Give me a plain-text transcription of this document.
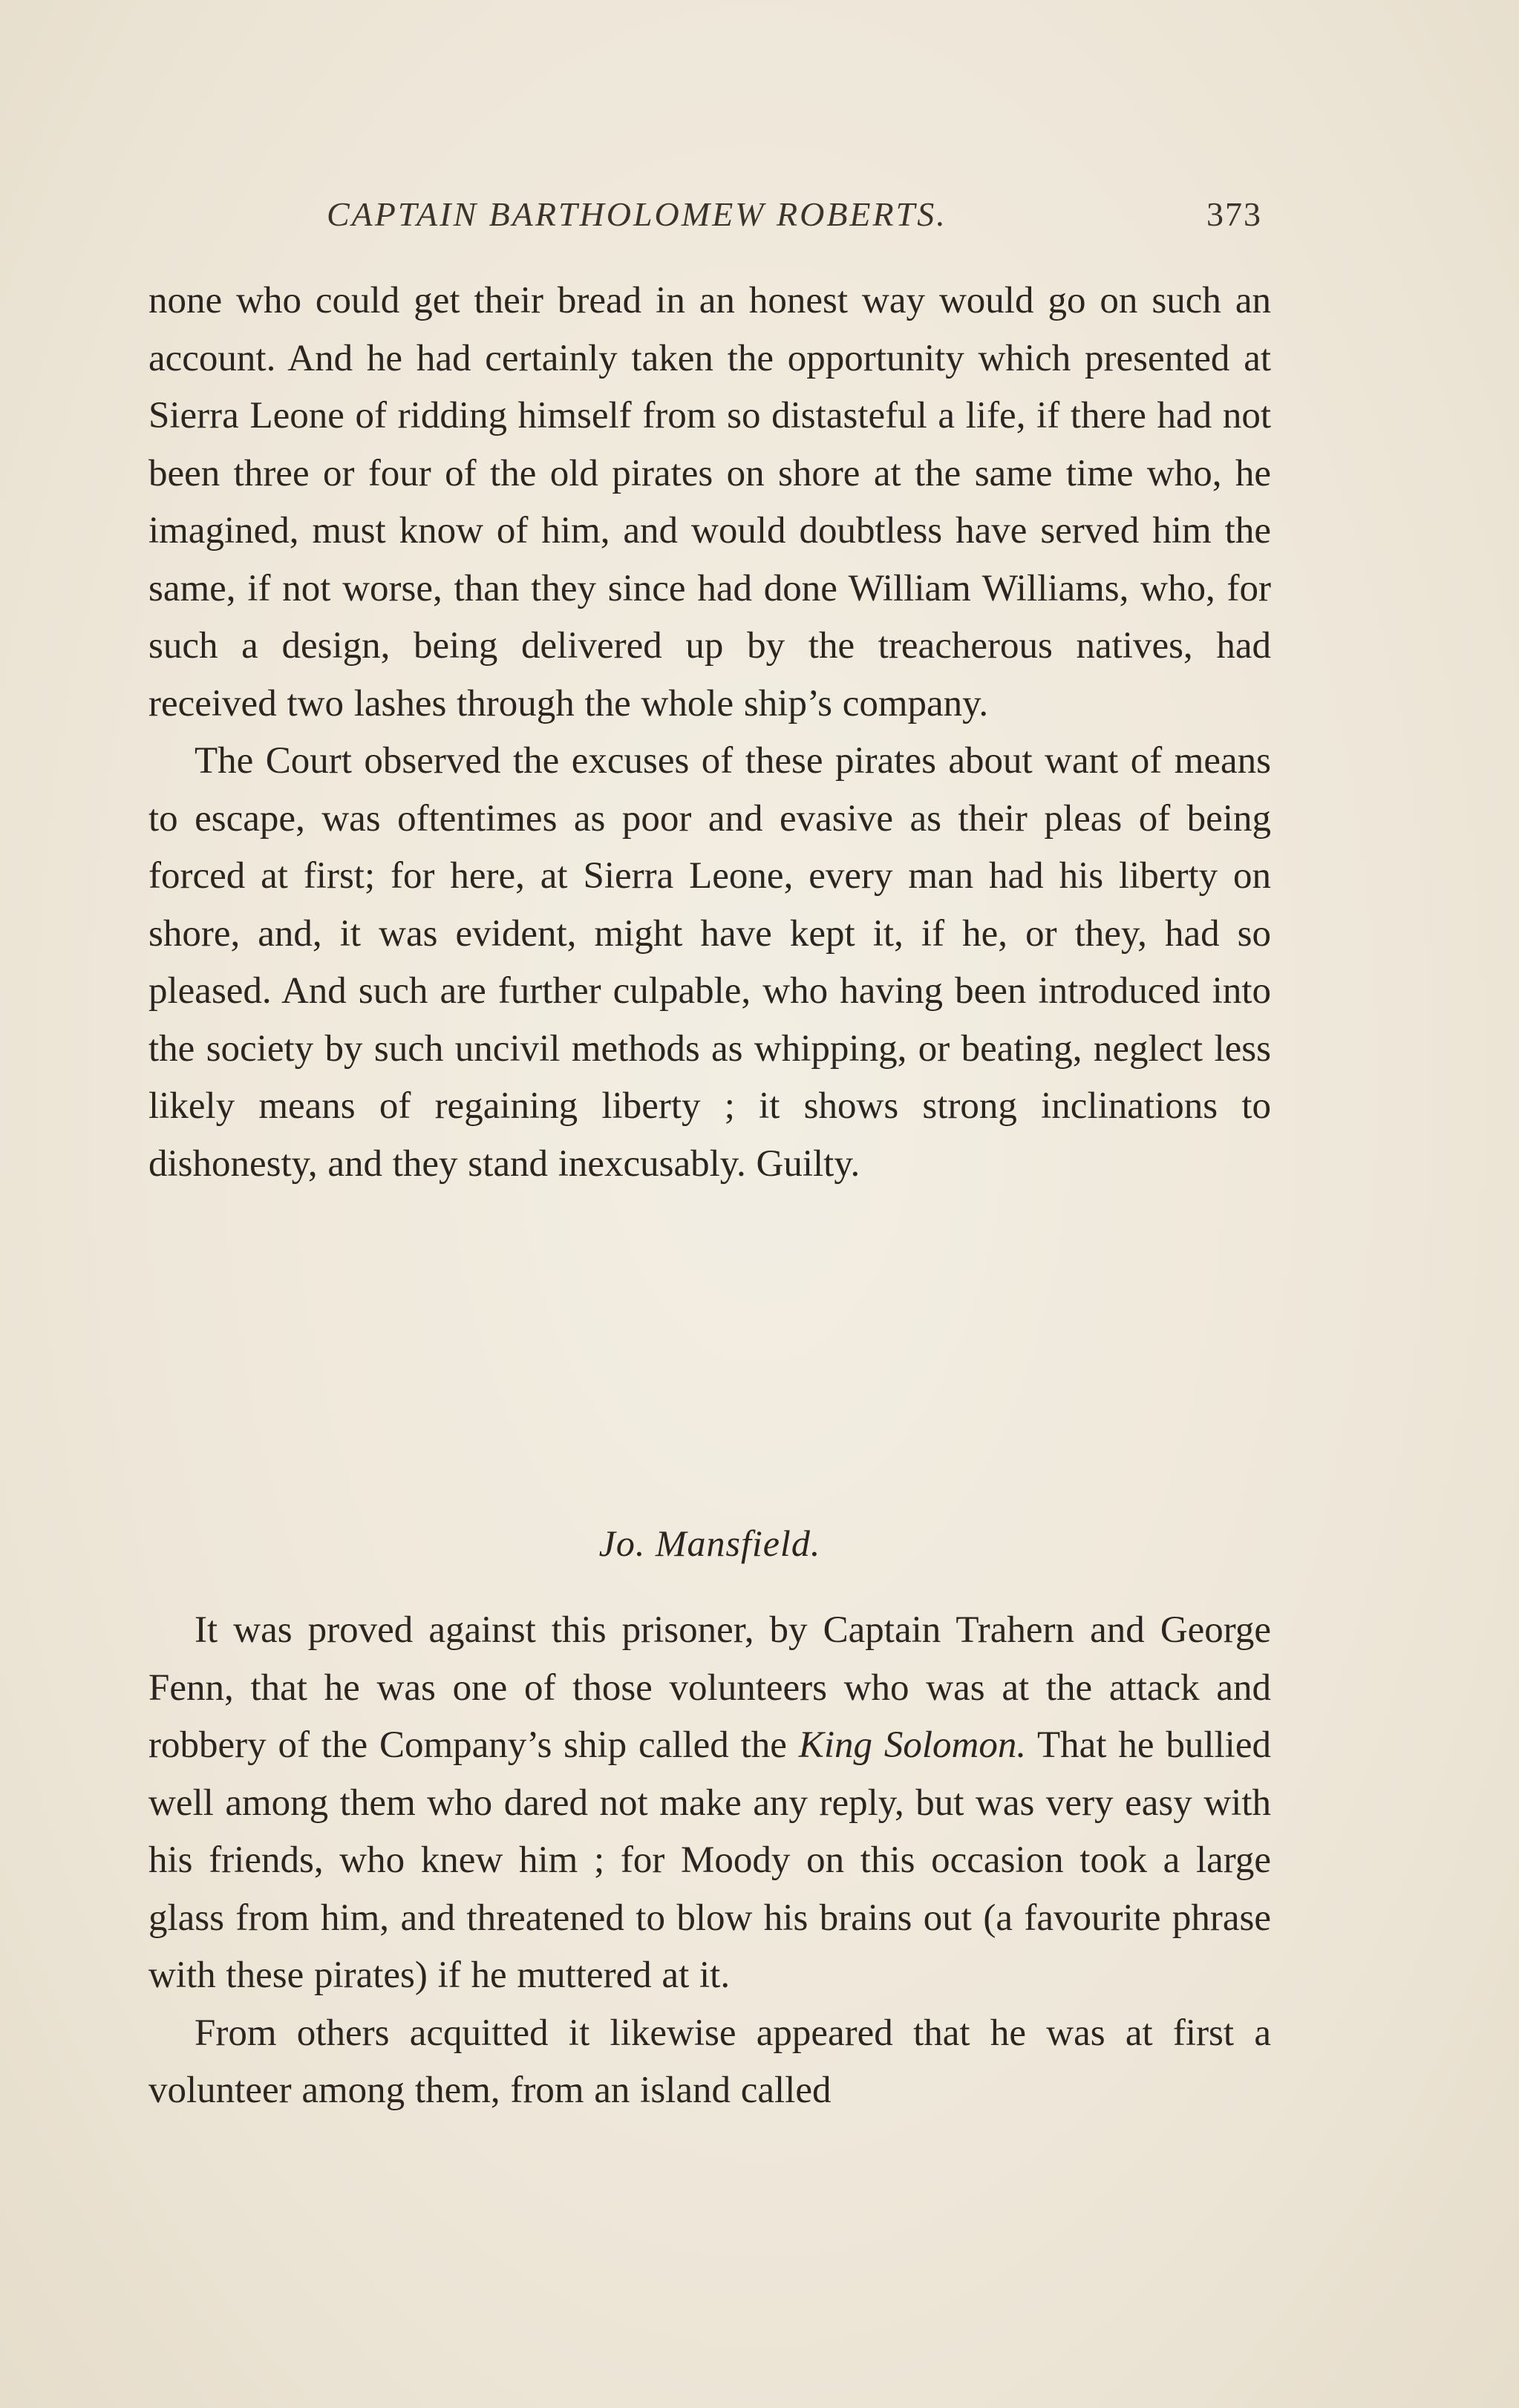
CAPTAIN BARTHOLOMEW ROBERTS.	373

none who could get their bread in an honest way would go on such an account. And he had certainly taken the opportunity which presented at Sierra Leone of ridding himself from so distasteful a life, if there had not been three or four of the old pirates on shore at the same time who, he imagined, must know of him, and would doubtless have served him the same, if not worse, than they since had done William Williams, who, for such a design, being delivered up by the treacherous natives, had received two lashes through the whole ship’s company.

The Court observed the excuses of these pirates about want of means to escape, was oftentimes as poor and evasive as their pleas of being forced at first; for here, at Sierra Leone, every man had his liberty on shore, and, it was evident, might have kept it, if he, or they, had so pleased. And such are further culpable, who having been introduced into the society by such uncivil methods as whipping, or beating, neglect less likely means of regaining liberty ; it shows strong inclinations to dishonesty, and they stand inexcusably. Guilty.

Jo. Mansfield.

It was proved against this prisoner, by Captain Trahern and George Fenn, that he was one of those volunteers who was at the attack and robbery of the Company’s ship called the King Solomon. That he bullied well among them who dared not make any reply, but was very easy with his friends, who knew him ; for Moody on this occasion took a large glass from him, and threatened to blow his brains out (a favourite phrase with these pirates) if he muttered at it.

From others acquitted it likewise appeared that he was at first a volunteer among them, from an island called
